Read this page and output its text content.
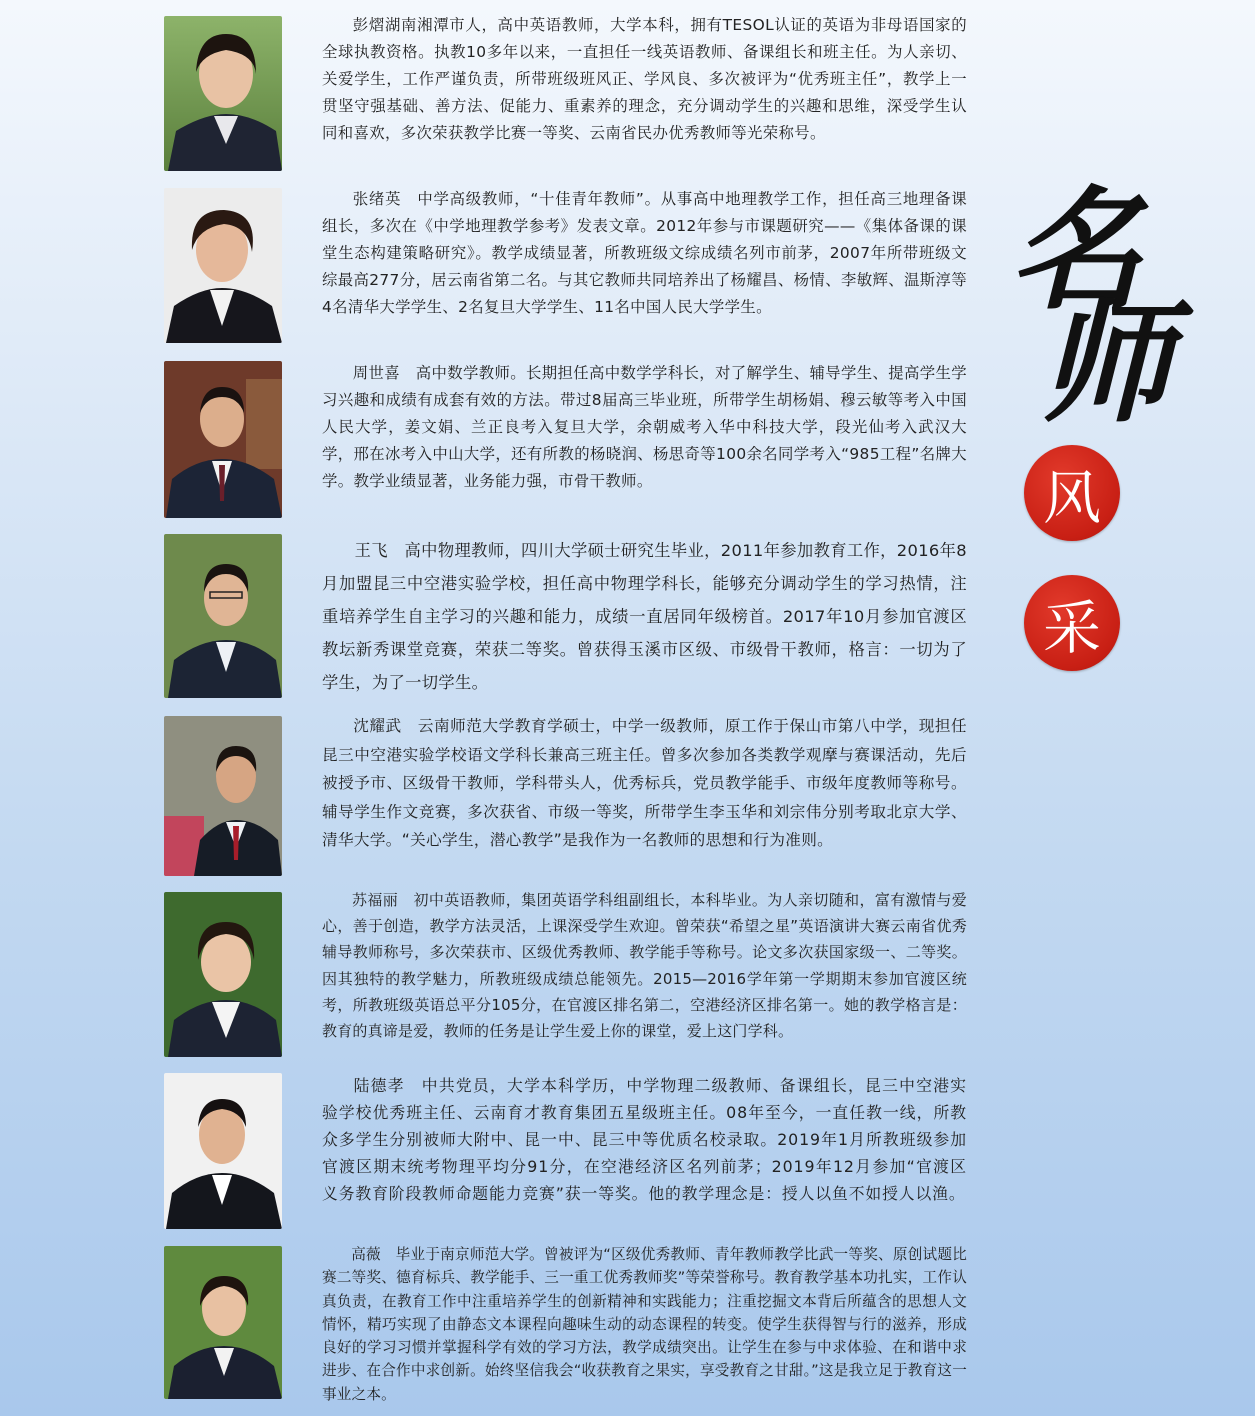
名
师
风
采

彭熠湖南湘潭市人，高中英语教师，大学本科，拥有TESOL认证的英语为非母语国家的全球执教资格。执教10多年以来，一直担任一线英语教师、备课组长和班主任。为人亲切、关爱学生，工作严谨负责，所带班级班风正、学风良、多次被评为“优秀班主任”，教学上一贯坚守强基础、善方法、促能力、重素养的理念，充分调动学生的兴趣和思维，深受学生认同和喜欢，多次荣获教学比赛一等奖、云南省民办优秀教师等光荣称号。

张绪英　中学高级教师，“十佳青年教师”。从事高中地理教学工作，担任高三地理备课组长，多次在《中学地理教学参考》发表文章。2012年参与市课题研究——《集体备课的课堂生态构建策略研究》。教学成绩显著，所教班级文综成绩名列市前茅，2007年所带班级文综最高277分，居云南省第二名。与其它教师共同培养出了杨耀昌、杨情、李敏辉、温斯淳等4名清华大学学生、2名复旦大学学生、11名中国人民大学学生。

周世喜　高中数学教师。长期担任高中数学学科长，对了解学生、辅导学生、提高学生学习兴趣和成绩有成套有效的方法。带过8届高三毕业班，所带学生胡杨娟、穆云敏等考入中国人民大学，姜文娟、兰正良考入复旦大学，余朝威考入华中科技大学，段光仙考入武汉大学，邢在冰考入中山大学，还有所教的杨晓润、杨思奇等100余名同学考入“985工程”名牌大学。教学业绩显著，业务能力强，市骨干教师。

王飞　高中物理教师，四川大学硕士研究生毕业，2011年参加教育工作，2016年8月加盟昆三中空港实验学校，担任高中物理学科长，能够充分调动学生的学习热情，注重培养学生自主学习的兴趣和能力，成绩一直居同年级榜首。2017年10月参加官渡区教坛新秀课堂竞赛，荣获二等奖。曾获得玉溪市区级、市级骨干教师，格言：一切为了学生，为了一切学生。

沈耀武　云南师范大学教育学硕士，中学一级教师，原工作于保山市第八中学，现担任昆三中空港实验学校语文学科长兼高三班主任。曾多次参加各类教学观摩与赛课活动，先后被授予市、区级骨干教师，学科带头人，优秀标兵，党员教学能手、市级年度教师等称号。辅导学生作文竞赛，多次获省、市级一等奖，所带学生李玉华和刘宗伟分别考取北京大学、清华大学。“关心学生，潜心教学”是我作为一名教师的思想和行为准则。

苏福丽　初中英语教师，集团英语学科组副组长，本科毕业。为人亲切随和，富有激情与爱心，善于创造，教学方法灵活，上课深受学生欢迎。曾荣获“希望之星”英语演讲大赛云南省优秀辅导教师称号，多次荣获市、区级优秀教师、教学能手等称号。论文多次获国家级一、二等奖。因其独特的教学魅力，所教班级成绩总能领先。2015—2016学年第一学期期末参加官渡区统考，所教班级英语总平分105分，在官渡区排名第二，空港经济区排名第一。她的教学格言是：教育的真谛是爱，教师的任务是让学生爱上你的课堂，爱上这门学科。

陆德孝　中共党员，大学本科学历，中学物理二级教师、备课组长，昆三中空港实验学校优秀班主任、云南育才教育集团五星级班主任。08年至今，一直任教一线，所教众多学生分别被师大附中、昆一中、昆三中等优质名校录取。2019年1月所教班级参加官渡区期末统考物理平均分91分，在空港经济区名列前茅；2019年12月参加“官渡区义务教育阶段教师命题能力竞赛”获一等奖。他的教学理念是：授人以鱼不如授人以渔。

高薇　毕业于南京师范大学。曾被评为“区级优秀教师、青年教师教学比武一等奖、原创试题比赛二等奖、德育标兵、教学能手、三一重工优秀教师奖”等荣誉称号。教育教学基本功扎实，工作认真负责，在教育工作中注重培养学生的创新精神和实践能力；注重挖掘文本背后所蕴含的思想人文情怀，精巧实现了由静态文本课程向趣味生动的动态课程的转变。使学生获得智与行的滋养，形成良好的学习习惯并掌握科学有效的学习方法，教学成绩突出。让学生在参与中求体验、在和谐中求进步、在合作中求创新。始终坚信我会“收获教育之果实，享受教育之甘甜。”这是我立足于教育这一事业之本。
